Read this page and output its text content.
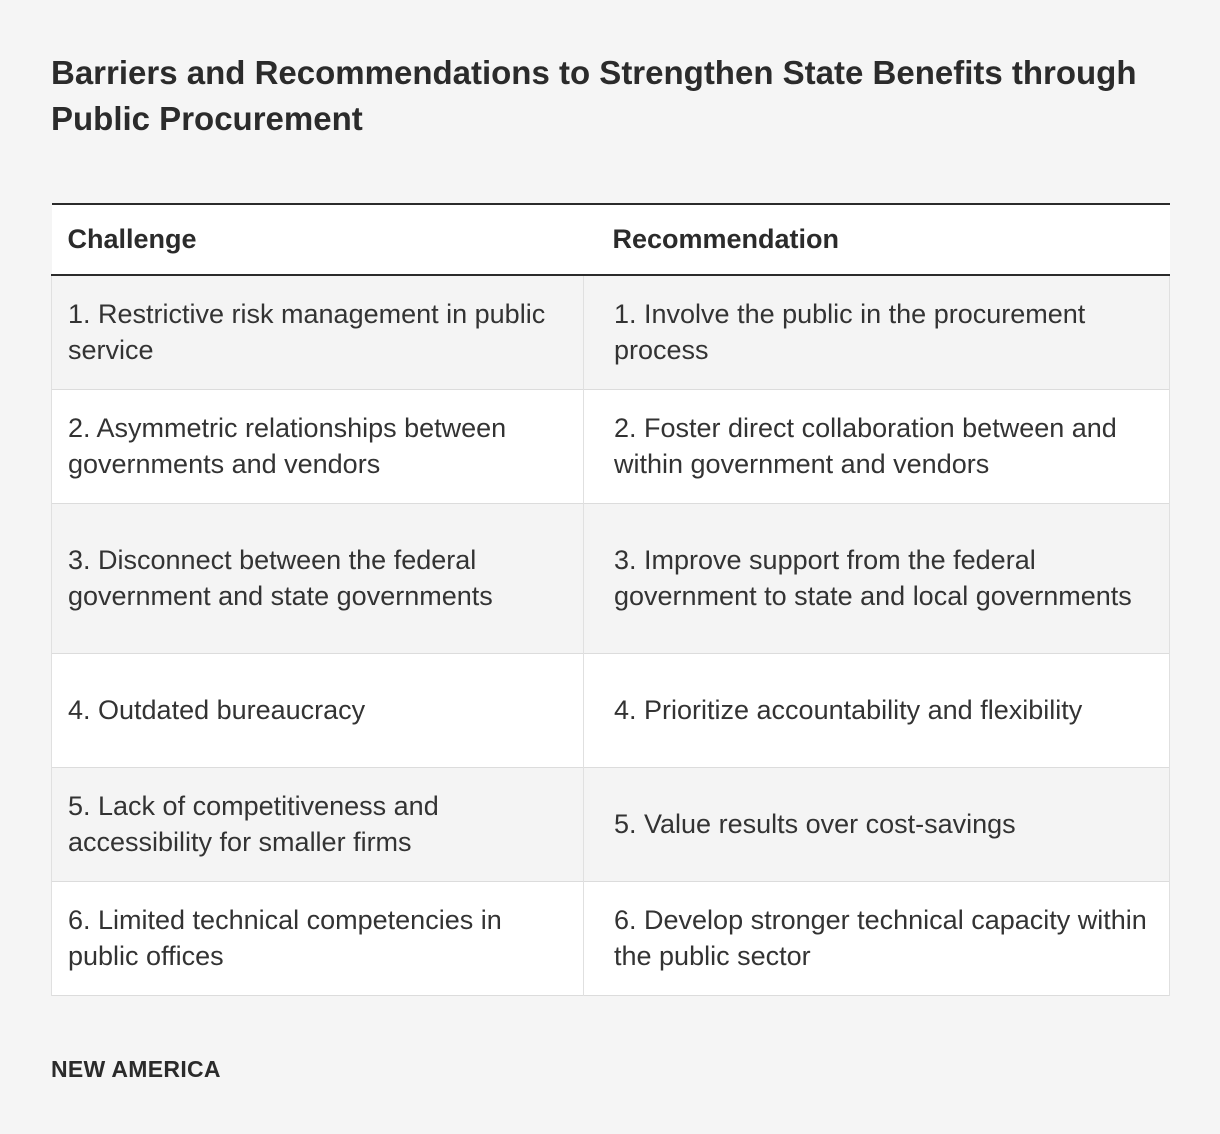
Barriers and Recommendations to Strengthen State Benefits through Public Procurement
Challenge	Recommendation
1. Restrictive risk management in public service	1. Involve the public in the procurement process
2. Asymmetric relationships between governments and vendors	2. Foster direct collaboration between and within government and vendors
3. Disconnect between the federal government and state governments	3. Improve support from the federal government to state and local governments
4. Outdated bureaucracy	4. Prioritize accountability and flexibility
5. Lack of competitiveness and accessibility for smaller firms	5. Value results over cost-savings
6. Limited technical competencies in public offices	6. Develop stronger technical capacity within the public sector
NEW AMERICA
